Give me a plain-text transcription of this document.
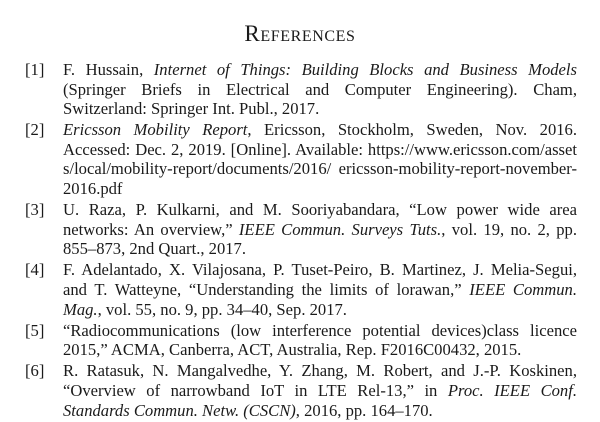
References
[1]	F. Hussain, Internet of Things: Building Blocks and Business Models (Springer Briefs in Electrical and Computer Engineering). Cham, Switzerland: Springer Int. Publ., 2017.
[2]	Ericsson Mobility Report, Ericsson, Stockholm, Sweden, Nov. 2016. Accessed: Dec. 2, 2019. [Online]. Available: https://www.ericsson.com/assets/local/mobility-report/documents/2016/ ericsson-mobility-report-november-2016.pdf
[3]	U. Raza, P. Kulkarni, and M. Sooriyabandara, “Low power wide area networks: An overview,” IEEE Commun. Surveys Tuts., vol. 19, no. 2, pp. 855–873, 2nd Quart., 2017.
[4]	F. Adelantado, X. Vilajosana, P. Tuset-Peiro, B. Martinez, J. Melia-Segui, and T. Watteyne, “Understanding the limits of lorawan,” IEEE Commun. Mag., vol. 55, no. 9, pp. 34–40, Sep. 2017.
[5]	“Radiocommunications (low interference potential devices)class licence 2015,” ACMA, Canberra, ACT, Australia, Rep. F2016C00432, 2015.
[6]	R. Ratasuk, N. Mangalvedhe, Y. Zhang, M. Robert, and J.-P. Koskinen, “Overview of narrowband IoT in LTE Rel-13,” in Proc. IEEE Conf. Standards Commun. Netw. (CSCN), 2016, pp. 164–170.
